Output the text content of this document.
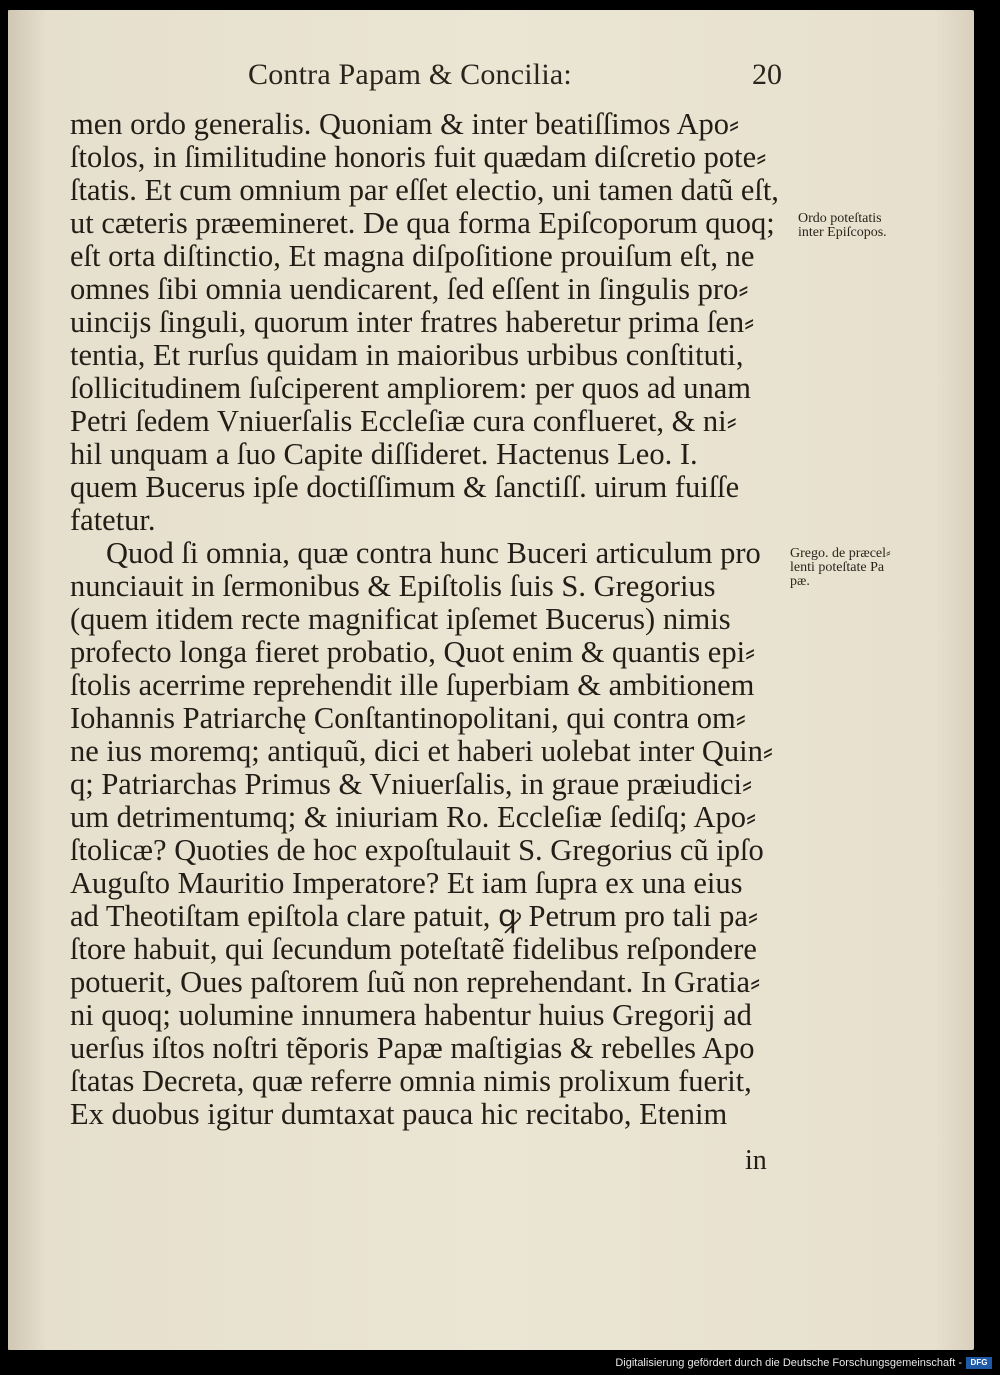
Contra Papam & Concilia:	20
men ordo generalis. Quoniam & inter beatiſſimos Apo⸗
ſtolos, in ſimilitudine honoris fuit quædam diſcretio pote⸗
ſtatis. Et cum omnium par eſſet electio, uni tamen datũ eſt,
ut cæteris præemineret. De qua forma Epiſcoporum quoq;
eſt orta diſtinctio, Et magna diſpoſitione prouiſum eſt, ne
omnes ſibi omnia uendicarent, ſed eſſent in ſingulis pro⸗
uincijs ſinguli, quorum inter fratres haberetur prima ſen⸗
tentia, Et rurſus quidam in maioribus urbibus conſtituti,
ſollicitudinem ſuſciperent ampliorem: per quos ad unam
Petri ſedem Vniuerſalis Eccleſiæ cura conflueret, & ni⸗
hil unquam a ſuo Capite diſſideret. Hactenus Leo. I.
quem Bucerus ipſe doctiſſimum & ſanctiſſ. uirum fuiſſe
fatetur.
Quod ſi omnia, quæ contra hunc Buceri articulum pro
nunciauit in ſermonibus & Epiſtolis ſuis S. Gregorius
(quem itidem recte magnificat ipſemet Bucerus) nimis
profecto longa fieret probatio, Quot enim & quantis epi⸗
ſtolis acerrime reprehendit ille ſuperbiam & ambitionem
Iohannis Patriarchę Conſtantinopolitani, qui contra om⸗
ne ius moremq; antiquũ, dici et haberi uolebat inter Quin⸗
q; Patriarchas Primus & Vniuerſalis, in graue præiudici⸗
um detrimentumq; & iniuriam Ro. Eccleſiæ ſediſq; Apo⸗
ſtolicæ? Quoties de hoc expoſtulauit S. Gregorius cũ ipſo
Auguſto Mauritio Imperatore? Et iam ſupra ex una eius
ad Theotiſtam epiſtola clare patuit, ꝙ Petrum pro tali pa⸗
ſtore habuit, qui ſecundum poteſtatẽ fidelibus reſpondere
potuerit, Oues paſtorem ſuũ non reprehendant. In Gratia⸗
ni quoq; uolumine innumera habentur huius Gregorij ad
uerſus iſtos noſtri tẽporis Papæ maſtigias & rebelles Apo
ſtatas Decreta, quæ referre omnia nimis prolixum fuerit,
Ex duobus igitur dumtaxat pauca hic recitabo, Etenim
in
Ordo poteſtatis
inter Epiſcopos.
Grego. de præcel⸗
lenti poteſtate Pa
pæ.
Digitalisierung gefördert durch die Deutsche Forschungsgemeinschaft -	DFG
